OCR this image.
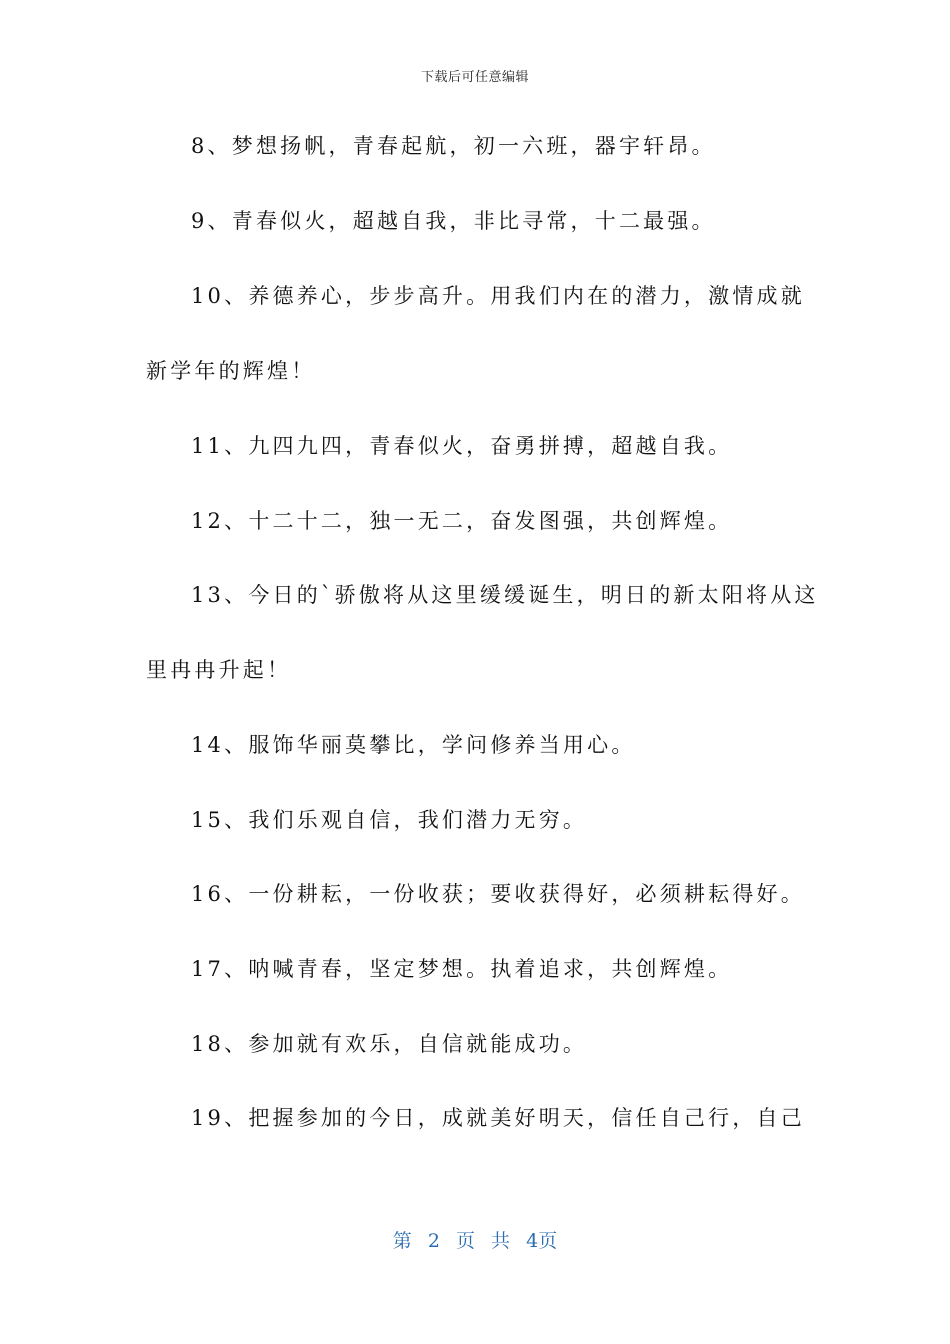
下载后可任意编辑
8、梦想扬帆，青春起航，初一六班，器宇轩昂。
9、青春似火，超越自我，非比寻常，十二最强。
10、养德养心，步步高升。用我们内在的潜力，激情成就
新学年的辉煌！
11、九四九四，青春似火，奋勇拼搏，超越自我。
12、十二十二，独一无二，奋发图强，共创辉煌。
13、今日的`骄傲将从这里缓缓诞生，明日的新太阳将从这
里冉冉升起！
14、服饰华丽莫攀比，学问修养当用心。
15、我们乐观自信，我们潜力无穷。
16、一份耕耘，一份收获；要收获得好，必须耕耘得好。
17、呐喊青春，坚定梦想。执着追求，共创辉煌。
18、参加就有欢乐，自信就能成功。
19、把握参加的今日，成就美好明天，信任自己行，自己
第 2 页 共 4页
